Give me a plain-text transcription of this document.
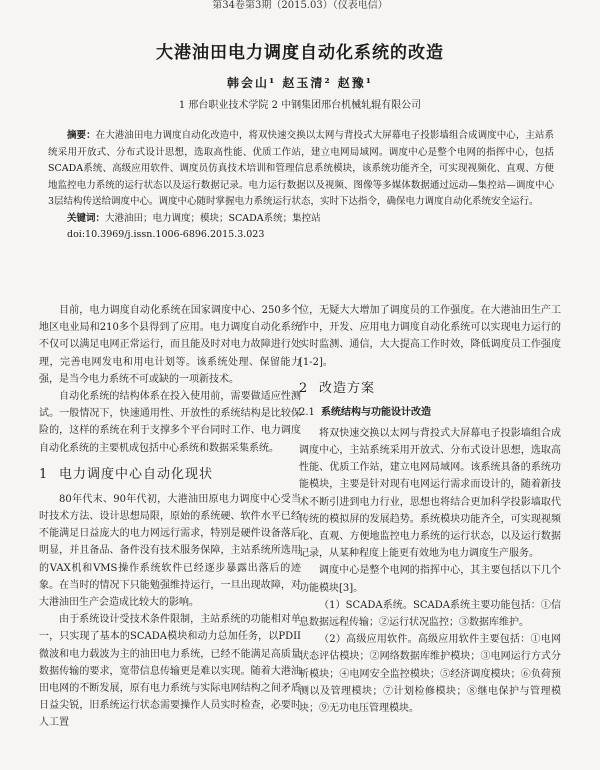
第34卷第3期（2015.03）（仪表电信）
大港油田电力调度自动化系统的改造
韩会山¹ 赵玉清² 赵豫¹
1 邢台职业技术学院 2 中钢集团邢台机械轧辊有限公司

摘要：在大港油田电力调度自动化改造中，将双快速交换以太网与背投式大屏幕电子投影墙组合成调度中心，主站系统采用开放式、分布式设计思想，选取高性能、优质工作站，建立电网局域网。调度中心是整个电网的指挥中心，包括SCADA系统、高级应用软件、调度员仿真技术培训和管理信息系统模块，该系统功能齐全，可实现视频化、直观、方便地监控电力系统的运行状态以及运行数据记录。电力运行数据以及视频、图像等多媒体数据通过远动—集控站—调度中心3层结构传送给调度中心。调度中心随时掌握电力系统运行状态，实时下达指令，确保电力调度自动化系统安全运行。

关键词：大港油田；电力调度；模块；SCADA系统；集控站

doi:10.3969/j.issn.1006-6896.2015.3.023

目前，电力调度自动化系统在国家调度中心、250多个地区电业局和210多个县得到了应用。电力调度自动化系统不仅可以满足电网正常运行，而且能及时对电力故障进行处理，完善电网发电和用电计划等。该系统处理、保留能力强，是当今电力系统不可或缺的一项新技术。

自动化系统的结构体系在投入使用前，需要做适应性测试。一般情况下，快速通用性、开放性的系统结构是比较保险的，这样的系统在利于支撑多个平台同时工作、电力调度自动化系统的主要机成包括中心系统和数据采集系统。

1 电力调度中心自动化现状

80年代末、90年代初，大港油田原电力调度中心受当时技术方法、设计思想局限，原始的系统硬、软件水平已经不能满足日益庞大的电力网远行需求，特别是硬件设备落后明显，并且备品、备件没有技术服务保障，主站系统所选用的VAX机和VMS操作系统软件已经逐步暴露出落后的迹象。在当时的情况下只能勉强维持运行，一旦出现故障，对大港油田生产会造成比较大的影响。

由于系统设计受技术条件限制，主站系统的功能相对单一，只实现了基本的SCADA模块和动力总加任务，以PDII微波和电力载波为主的油田电力系统，已经不能满足高质量数据传输的要求，宽带信息传输更是难以实现。随着大港油田电网的不断发展，原有电力系统与实际电网结构之间矛盾日益尖锐，旧系统运行状态需要操作人员实时检查，必要时人工置

位，无疑大大增加了调度员的工作强度。在大港油田生产工作中，开发、应用电力调度自动化系统可以实现电力运行的实时监测、通信，大大提高工作时效，降低调度员工作强度[1-2]。

2 改造方案
2.1 系统结构与功能设计改造

将双快速交换以太网与背投式大屏幕电子投影墙组合成调度中心，主站系统采用开放式、分布式设计思想，选取高性能、优质工作站，建立电网局域网。该系统具备的系统功能模块，主要是针对现有电网运行需求而设计的，随着新技术不断引进到电力行业，思想也将结合更加科学投影墙取代传统的模拟屏的发展趋势。系统模块功能齐全，可实现视频化、直观、方便地监控电力系统的运行状态，以及运行数据记录，从某种程度上能更有效地为电力调度生产服务。

调度中心是整个电网的指挥中心，其主要包括以下几个功能模块[3]。

（1）SCADA系统。SCADA系统主要功能包括：①信息数据远程传输；②运行状况监控；③数据库维护。

（2）高级应用软件。高级应用软件主要包括：①电网状态评估模块；②网络数据库维护模块；③电网运行方式分析模块；④电网安全监控模块；⑤经济调度模块；⑥负荷预测以及管理模块；⑦计划检修模块；⑧继电保护与管理模块；⑨无功电压管理模块。
